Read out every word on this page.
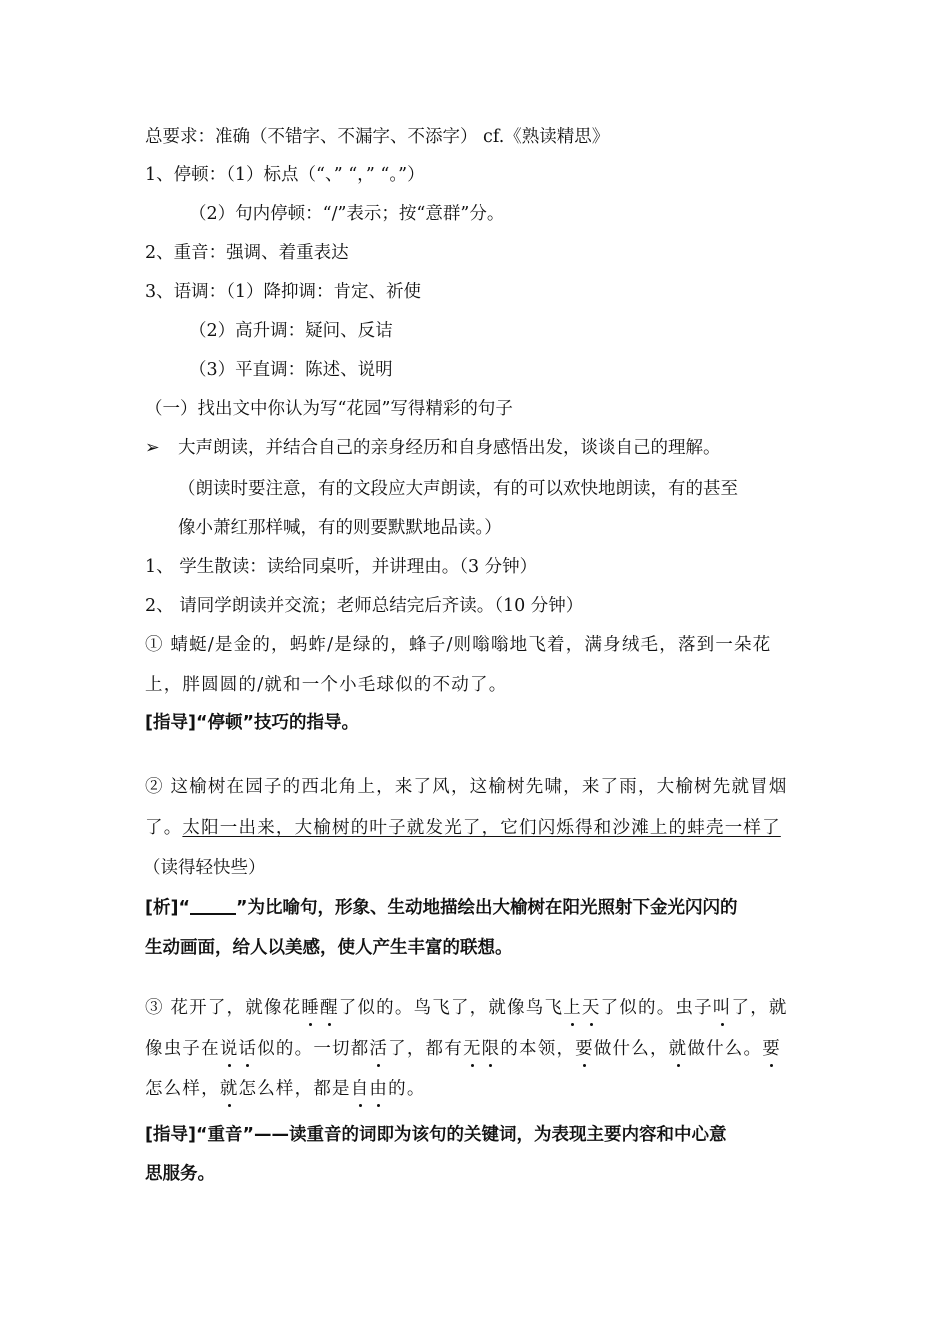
总要求：准确（不错字、不漏字、不添字） cf.《熟读精思》
1、停顿：（1）标点（“、” “，” “。”）
（2）句内停顿：“/”表示；按“意群”分。
2、重音：强调、着重表达
3、语调：（1）降抑调：肯定、祈使
（2）高升调：疑问、反诘
（3）平直调：陈述、说明
（一）找出文中你认为写“花园”写得精彩的句子
➢ 大声朗读，并结合自己的亲身经历和自身感悟出发，谈谈自己的理解。
（朗读时要注意，有的文段应大声朗读，有的可以欢快地朗读，有的甚至
像小萧红那样喊，有的则要默默地品读。）
1、 学生散读：读给同桌听，并讲理由。（3 分钟）
2、 请同学朗读并交流；老师总结完后齐读。（10 分钟）
① 蜻蜓/是金的，蚂蚱/是绿的，蜂子/则嗡嗡地飞着，满身绒毛，落到一朵花
上，胖圆圆的/就和一个小毛球似的不动了。
[指导]“停顿”技巧的指导。
② 这榆树在园子的西北角上，来了风，这榆树先啸，来了雨，大榆树先就冒烟
了。太阳一出来，大榆树的叶子就发光了，它们闪烁得和沙滩上的蚌壳一样了
（读得轻快些）
[析]“	”为比喻句，形象、生动地描绘出大榆树在阳光照射下金光闪闪的
生动画面，给人以美感，使人产生丰富的联想。
③ 花开了，就像花睡醒了似的。鸟飞了，就像鸟飞上天了似的。虫子叫了，就
像虫子在说话似的。一切都活了，都有无限的本领，要做什么，就做什么。要
怎么样，就怎么样，都是自由的。
[指导]“重音”——读重音的词即为该句的关键词，为表现主要内容和中心意
思服务。
